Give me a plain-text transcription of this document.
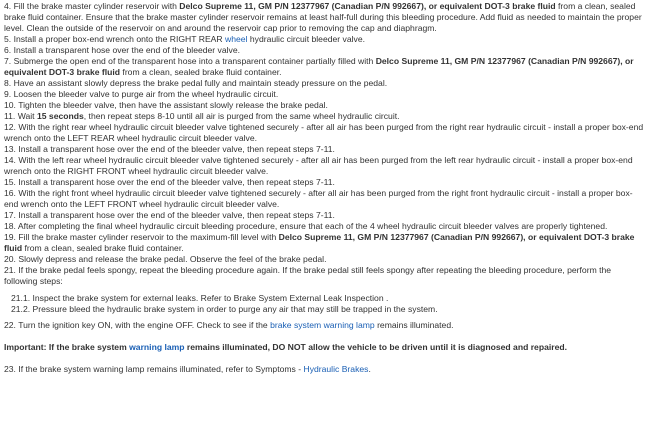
4. Fill the brake master cylinder reservoir with Delco Supreme 11, GM P/N 12377967 (Canadian P/N 992667), or equivalent DOT-3 brake fluid from a clean, sealed brake fluid container. Ensure that the brake master cylinder reservoir remains at least half-full during this bleeding procedure. Add fluid as needed to maintain the proper level. Clean the outside of the reservoir on and around the reservoir cap prior to removing the cap and diaphragm.
5. Install a proper box-end wrench onto the RIGHT REAR wheel hydraulic circuit bleeder valve.
6. Install a transparent hose over the end of the bleeder valve.
7. Submerge the open end of the transparent hose into a transparent container partially filled with Delco Supreme 11, GM P/N 12377967 (Canadian P/N 992667), or equivalent DOT-3 brake fluid from a clean, sealed brake fluid container.
8. Have an assistant slowly depress the brake pedal fully and maintain steady pressure on the pedal.
9. Loosen the bleeder valve to purge air from the wheel hydraulic circuit.
10. Tighten the bleeder valve, then have the assistant slowly release the brake pedal.
11. Wait 15 seconds, then repeat steps 8-10 until all air is purged from the same wheel hydraulic circuit.
12. With the right rear wheel hydraulic circuit bleeder valve tightened securely - after all air has been purged from the right rear hydraulic circuit - install a proper box-end wrench onto the LEFT REAR wheel hydraulic circuit bleeder valve.
13. Install a transparent hose over the end of the bleeder valve, then repeat steps 7-11.
14. With the left rear wheel hydraulic circuit bleeder valve tightened securely - after all air has been purged from the left rear hydraulic circuit - install a proper box-end wrench onto the RIGHT FRONT wheel hydraulic circuit bleeder valve.
15. Install a transparent hose over the end of the bleeder valve, then repeat steps 7-11.
16. With the right front wheel hydraulic circuit bleeder valve tightened securely - after all air has been purged from the right front hydraulic circuit - install a proper box-end wrench onto the LEFT FRONT wheel hydraulic circuit bleeder valve.
17. Install a transparent hose over the end of the bleeder valve, then repeat steps 7-11.
18. After completing the final wheel hydraulic circuit bleeding procedure, ensure that each of the 4 wheel hydraulic circuit bleeder valves are properly tightened.
19. Fill the brake master cylinder reservoir to the maximum-fill level with Delco Supreme 11, GM P/N 12377967 (Canadian P/N 992667), or equivalent DOT-3 brake fluid from a clean, sealed brake fluid container.
20. Slowly depress and release the brake pedal. Observe the feel of the brake pedal.
21. If the brake pedal feels spongy, repeat the bleeding procedure again. If the brake pedal still feels spongy after repeating the bleeding procedure, perform the following steps:
21.1. Inspect the brake system for external leaks. Refer to Brake System External Leak Inspection .
21.2. Pressure bleed the hydraulic brake system in order to purge any air that may still be trapped in the system.
22. Turn the ignition key ON, with the engine OFF. Check to see if the brake system warning lamp remains illuminated.
Important: If the brake system warning lamp remains illuminated, DO NOT allow the vehicle to be driven until it is diagnosed and repaired.
23. If the brake system warning lamp remains illuminated, refer to Symptoms - Hydraulic Brakes.
